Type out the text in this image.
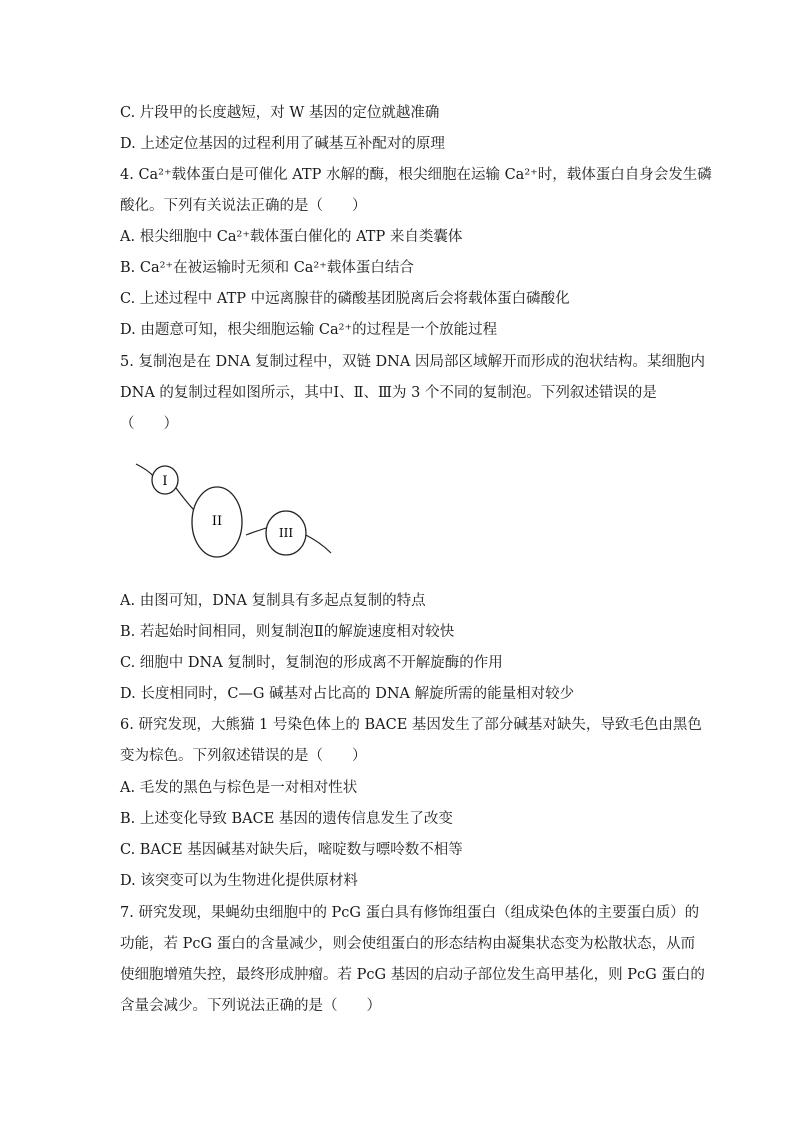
C. 片段甲的长度越短，对 W 基因的定位就越准确
D. 上述定位基因的过程利用了碱基互补配对的原理
4. Ca²⁺载体蛋白是可催化 ATP 水解的酶，根尖细胞在运输 Ca²⁺时，载体蛋白自身会发生磷
酸化。下列有关说法正确的是（　　）
A. 根尖细胞中 Ca²⁺载体蛋白催化的 ATP 来自类囊体
B. Ca²⁺在被运输时无须和 Ca²⁺载体蛋白结合
C. 上述过程中 ATP 中远离腺苷的磷酸基团脱离后会将载体蛋白磷酸化
D. 由题意可知，根尖细胞运输 Ca²⁺的过程是一个放能过程
5. 复制泡是在 DNA 复制过程中，双链 DNA 因局部区域解开而形成的泡状结构。某细胞内
DNA 的复制过程如图所示，其中Ⅰ、Ⅱ、Ⅲ为 3 个不同的复制泡。下列叙述错误的是
（　　）
I
II
III
A. 由图可知，DNA 复制具有多起点复制的特点
B. 若起始时间相同，则复制泡Ⅱ的解旋速度相对较快
C. 细胞中 DNA 复制时，复制泡的形成离不开解旋酶的作用
D. 长度相同时，C—G 碱基对占比高的 DNA 解旋所需的能量相对较少
6. 研究发现，大熊猫 1 号染色体上的 BACE 基因发生了部分碱基对缺失，导致毛色由黑色
变为棕色。下列叙述错误的是（　　）
A. 毛发的黑色与棕色是一对相对性状
B. 上述变化导致 BACE 基因的遗传信息发生了改变
C. BACE 基因碱基对缺失后，嘧啶数与嘌呤数不相等
D. 该突变可以为生物进化提供原材料
7. 研究发现，果蝇幼虫细胞中的 PcG 蛋白具有修饰组蛋白（组成染色体的主要蛋白质）的
功能，若 PcG 蛋白的含量减少，则会使组蛋白的形态结构由凝集状态变为松散状态，从而
使细胞增殖失控，最终形成肿瘤。若 PcG 基因的启动子部位发生高甲基化，则 PcG 蛋白的
含量会减少。下列说法正确的是（　　）
